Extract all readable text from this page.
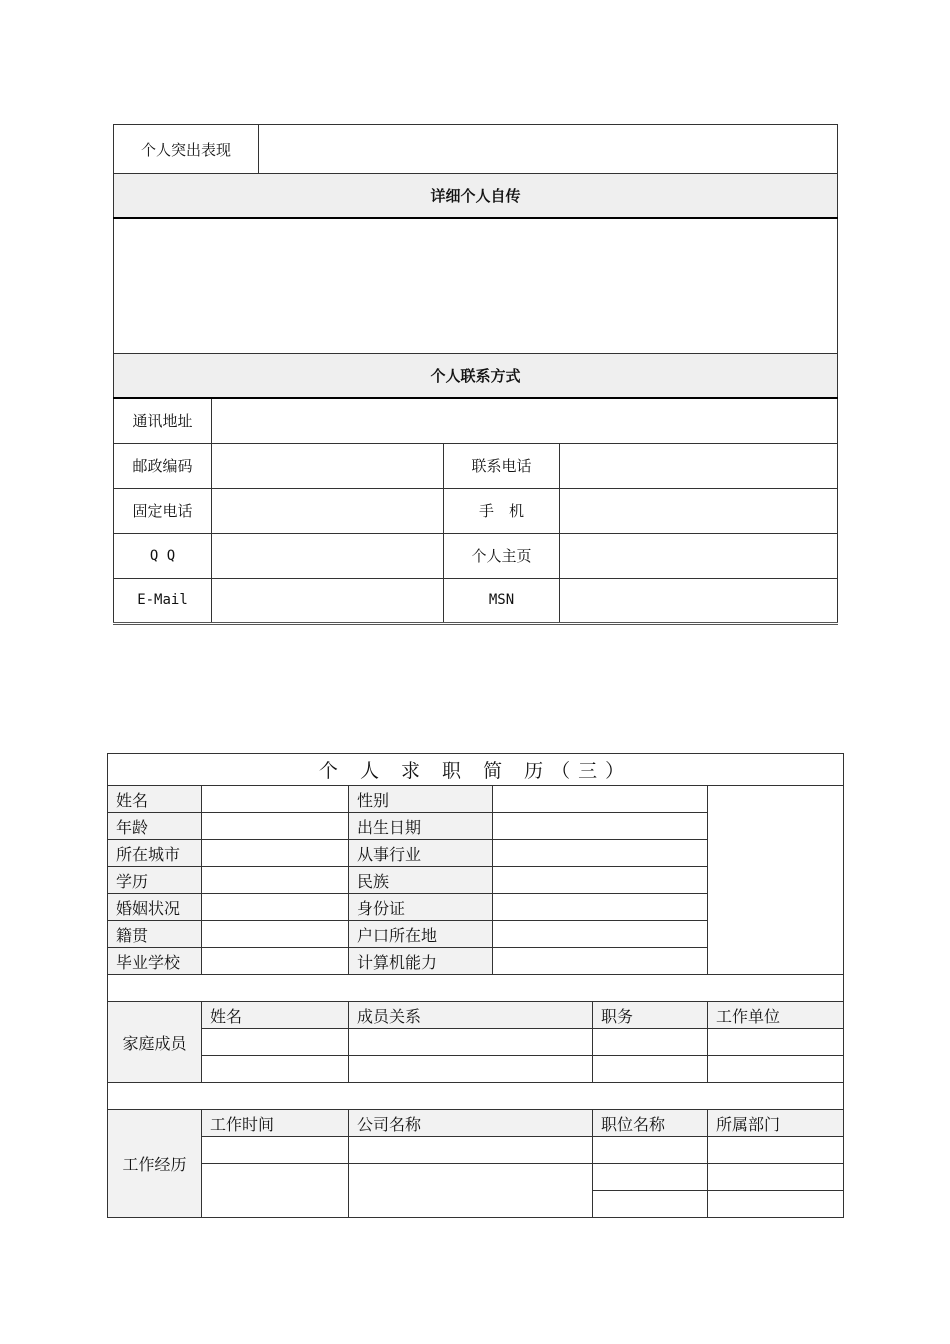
个人突出表现				
详细个人自传				

个人联系方式				
通讯地址				
邮政编码			联系电话	
固定电话			手　机	
Q Q			个人主页	
E-Mail			MSN	
个 人 求 职 简 历（三）					
姓名		性别			
年龄		出生日期			
所在城市		从事行业			
学历		民族			
婚姻状况		身份证			
籍贯		户口所在地			
毕业学校		计算机能力			

家庭成员	姓名	成员关系		职务	工作单位

工作经历	工作时间	公司名称		职位名称	所属部门
